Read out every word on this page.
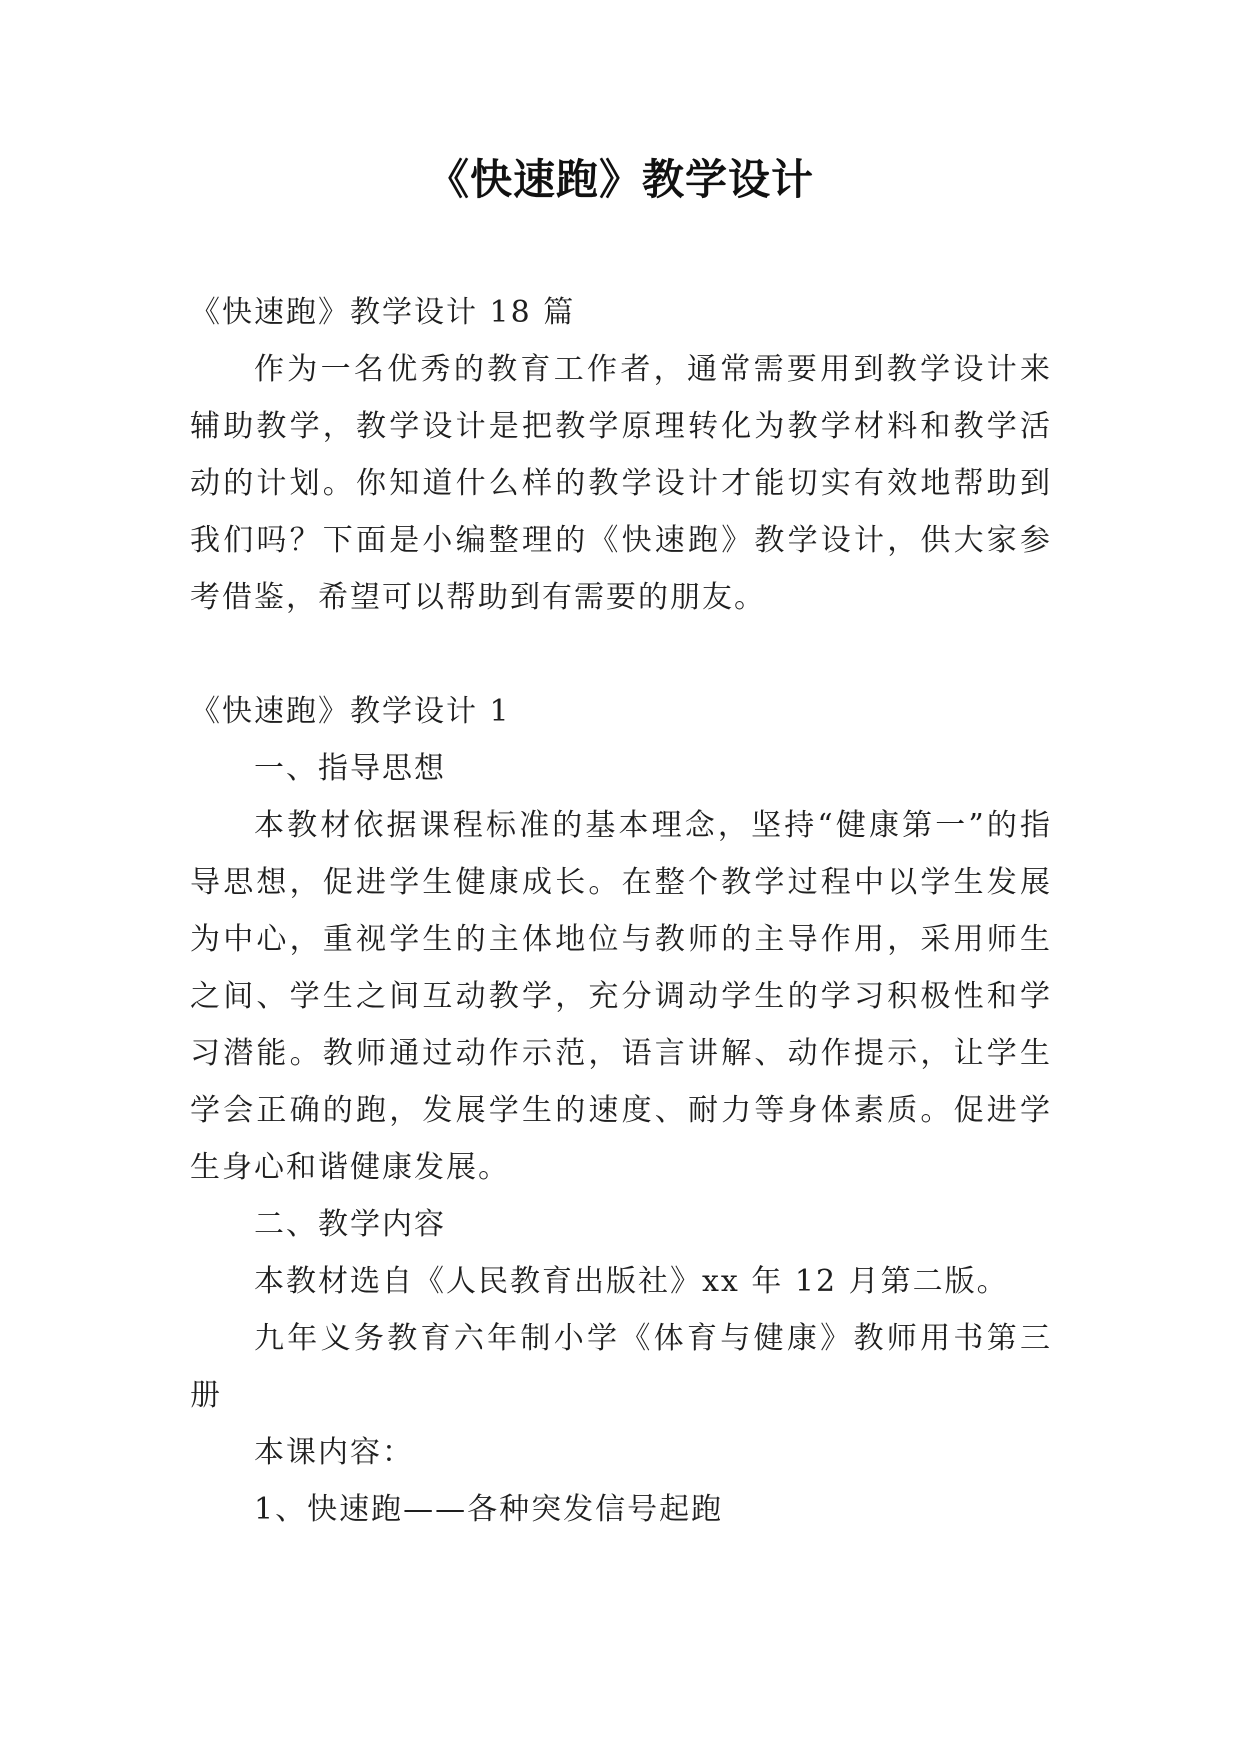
《快速跑》教学设计

《快速跑》教学设计 18 篇

作为一名优秀的教育工作者，通常需要用到教学设计来辅助教学，教学设计是把教学原理转化为教学材料和教学活动的计划。你知道什么样的教学设计才能切实有效地帮助到我们吗？下面是小编整理的《快速跑》教学设计，供大家参考借鉴，希望可以帮助到有需要的朋友。

《快速跑》教学设计 1

一、指导思想

本教材依据课程标准的基本理念，坚持“健康第一”的指导思想，促进学生健康成长。在整个教学过程中以学生发展为中心，重视学生的主体地位与教师的主导作用，采用师生之间、学生之间互动教学，充分调动学生的学习积极性和学习潜能。教师通过动作示范，语言讲解、动作提示，让学生学会正确的跑，发展学生的速度、耐力等身体素质。促进学生身心和谐健康发展。

二、教学内容

本教材选自《人民教育出版社》xx 年 12 月第二版。

九年义务教育六年制小学《体育与健康》教师用书第三册

本课内容：

1、快速跑——各种突发信号起跑
